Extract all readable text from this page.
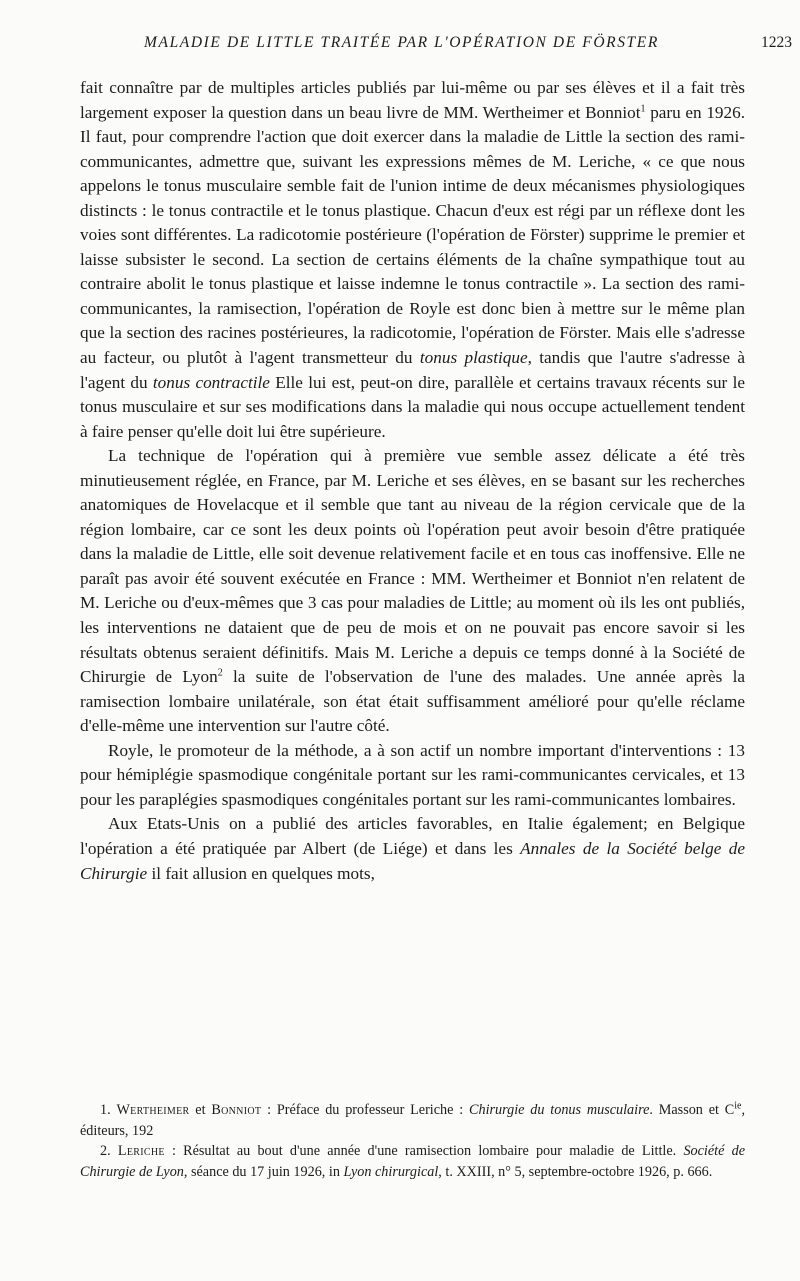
MALADIE DE LITTLE TRAITÉE PAR L'OPÉRATION DE FÖRSTER	1223

fait connaître par de multiples articles publiés par lui-même ou par ses élèves et il a fait très largement exposer la question dans un beau livre de MM. Wertheimer et Bonniot$^1$ paru en 1926. Il faut, pour comprendre l'action que doit exercer dans la maladie de Little la section des rami-communicantes, admettre que, suivant les expressions mêmes de M. Leriche, « ce que nous appelons le tonus musculaire semble fait de l'union intime de deux mécanismes physiologiques distincts : le tonus contractile et le tonus plastique. Chacun d'eux est régi par un réflexe dont les voies sont différentes. La radicotomie postérieure (l'opération de Förster) supprime le premier et laisse subsister le second. La section de certains éléments de la chaîne sympathique tout au contraire abolit le tonus plastique et laisse indemne le tonus contractile ». La section des rami-communicantes, la ramisection, l'opération de Royle est donc bien à mettre sur le même plan que la section des racines postérieures, la radicotomie, l'opération de Förster. Mais elle s'adresse au facteur, ou plutôt à l'agent transmetteur du tonus plastique, tandis que l'autre s'adresse à l'agent du tonus contractile Elle lui est, peut-on dire, parallèle et certains travaux récents sur le tonus musculaire et sur ses modifications dans la maladie qui nous occupe actuellement tendent à faire penser qu'elle doit lui être supérieure.

La technique de l'opération qui à première vue semble assez délicate a été très minutieusement réglée, en France, par M. Leriche et ses élèves, en se basant sur les recherches anatomiques de Hovelacque et il semble que tant au niveau de la région cervicale que de la région lombaire, car ce sont les deux points où l'opération peut avoir besoin d'être pratiquée dans la maladie de Little, elle soit devenue relativement facile et en tous cas inoffensive. Elle ne paraît pas avoir été souvent exécutée en France : MM. Wertheimer et Bonniot n'en relatent de M. Leriche ou d'eux-mêmes que 3 cas pour maladies de Little; au moment où ils les ont publiés, les interventions ne dataient que de peu de mois et on ne pouvait pas encore savoir si les résultats obtenus seraient définitifs. Mais M. Leriche a depuis ce temps donné à la Société de Chirurgie de Lyon$^2$ la suite de l'observation de l'une des malades. Une année après la ramisection lombaire unilatérale, son état était suffisamment amélioré pour qu'elle réclame d'elle-même une intervention sur l'autre côté.

Royle, le promoteur de la méthode, a à son actif un nombre important d'interventions : 13 pour hémiplégie spasmodique congénitale portant sur les rami-communicantes cervicales, et 13 pour les paraplégies spasmodiques congénitales portant sur les rami-communicantes lombaires.

Aux Etats-Unis on a publié des articles favorables, en Italie également; en Belgique l'opération a été pratiquée par Albert (de Liége) et dans les Annales de la Société belge de Chirurgie il fait allusion en quelques mots,

1. Wertheimer et Bonniot : Préface du professeur Leriche : Chirurgie du tonus musculaire. Masson et $C^{ie}$, éditeurs, 192

2. Leriche : Résultat au bout d'une année d'une ramisection lombaire pour maladie de Little. Société de Chirurgie de Lyon, séance du 17 juin 1926, in Lyon chirurgical, t. XXIII, n° 5, septembre-octobre 1926, p. 666.
